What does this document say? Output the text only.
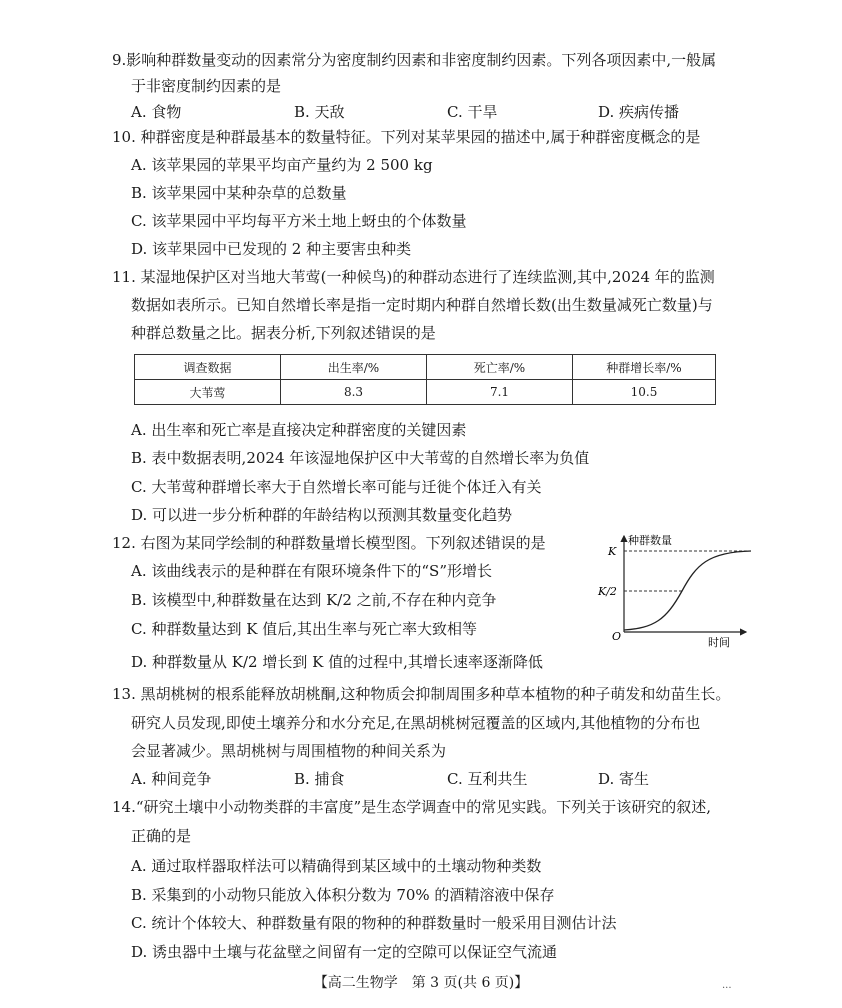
9.影响种群数量变动的因素常分为密度制约因素和非密度制约因素。下列各项因素中,一般属
于非密度制约因素的是
A. 食物	B. 天敌	C. 干旱	D. 疾病传播
10. 种群密度是种群最基本的数量特征。下列对某苹果园的描述中,属于种群密度概念的是
A. 该苹果园的苹果平均亩产量约为 2 500 kg
B. 该苹果园中某种杂草的总数量
C. 该苹果园中平均每平方米土地上蚜虫的个体数量
D. 该苹果园中已发现的 2 种主要害虫种类
11. 某湿地保护区对当地大苇莺(一种候鸟)的种群动态进行了连续监测,其中,2024 年的监测
数据如表所示。已知自然增长率是指一定时期内种群自然增长数(出生数量减死亡数量)与
种群总数量之比。据表分析,下列叙述错误的是
调查数据	出生率/%	死亡率/%	种群增长率/%
大苇莺	8.3	7.1	10.5
A. 出生率和死亡率是直接决定种群密度的关键因素
B. 表中数据表明,2024 年该湿地保护区中大苇莺的自然增长率为负值
C. 大苇莺种群增长率大于自然增长率可能与迁徙个体迁入有关
D. 可以进一步分析种群的年龄结构以预测其数量变化趋势
12. 右图为某同学绘制的种群数量增长模型图。下列叙述错误的是
A. 该曲线表示的是种群在有限环境条件下的“S”形增长
B. 该模型中,种群数量在达到 K/2 之前,不存在种内竞争
C. 种群数量达到 K 值后,其出生率与死亡率大致相等
D. 种群数量从 K/2 增长到 K 值的过程中,其增长速率逐渐降低
种群数量
K
K/2
O	时间
13. 黑胡桃树的根系能释放胡桃酮,这种物质会抑制周围多种草本植物的种子萌发和幼苗生长。
研究人员发现,即使土壤养分和水分充足,在黑胡桃树冠覆盖的区域内,其他植物的分布也
会显著减少。黑胡桃树与周围植物的种间关系为
A. 种间竞争	B. 捕食	C. 互利共生	D. 寄生
14.“研究土壤中小动物类群的丰富度”是生态学调查中的常见实践。下列关于该研究的叙述,
正确的是
A. 通过取样器取样法可以精确得到某区域中的土壤动物种类数
B. 采集到的小动物只能放入体积分数为 70% 的酒精溶液中保存
C. 统计个体较大、种群数量有限的物种的种群数量时一般采用目测估计法
D. 诱虫器中土壤与花盆壁之间留有一定的空隙可以保证空气流通
【高二生物学　第 3 页(共 6 页)】	...
